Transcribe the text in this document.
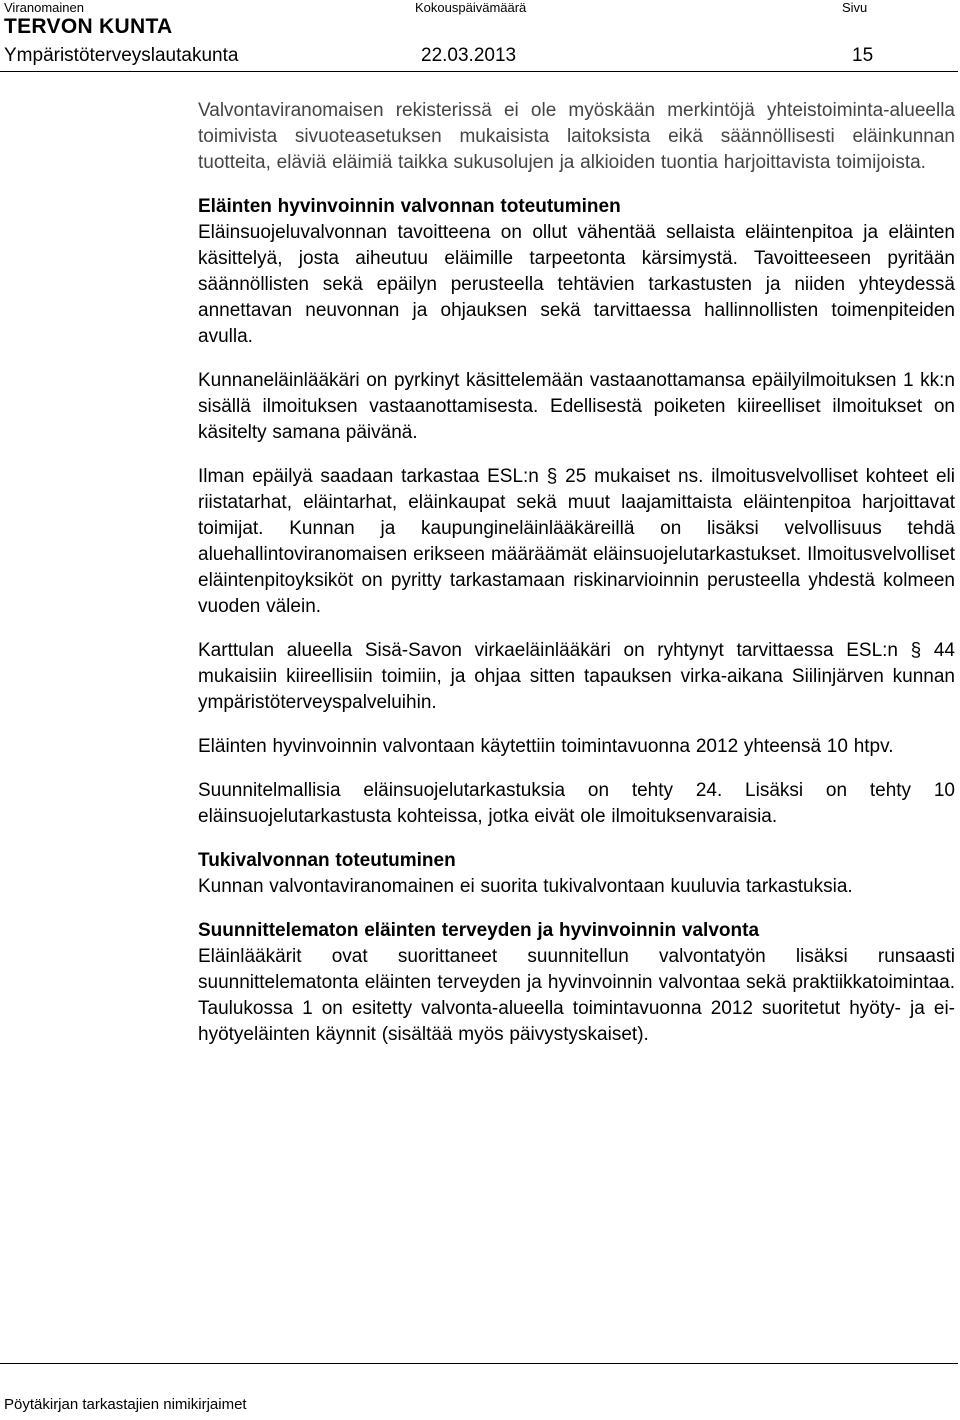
Viranomainen	Kokouspäivämäärä	Sivu
TERVON KUNTA
Ympäristöterveyslautakunta	22.03.2013	15

Valvontaviranomaisen rekisterissä ei ole myöskään merkintöjä yhteistoiminta-alueella toimivista sivuoteasetuksen mukaisista laitoksista eikä säännöllisesti eläinkunnan tuotteita, eläviä eläimiä taikka sukusolujen ja alkioiden tuontia harjoittavista toimijoista.

Eläinten hyvinvoinnin valvonnan toteutuminen

Eläinsuojeluvalvonnan tavoitteena on ollut vähentää sellaista eläintenpitoa ja eläinten käsittelyä, josta aiheutuu eläimille tarpeetonta kärsimystä. Tavoitteeseen pyritään säännöllisten sekä epäilyn perusteella tehtävien tarkastusten ja niiden yhteydessä annettavan neuvonnan ja ohjauksen sekä tarvittaessa hallinnollisten toimenpiteiden avulla.

Kunnaneläinlääkäri on pyrkinyt käsittelemään vastaanottamansa epäilyilmoituksen 1 kk:n sisällä ilmoituksen vastaanottamisesta. Edellisestä poiketen kiireelliset ilmoitukset on käsitelty samana päivänä.

Ilman epäilyä saadaan tarkastaa ESL:n § 25 mukaiset ns. ilmoitusvelvolliset kohteet eli riistatarhat, eläintarhat, eläinkaupat sekä muut laajamittaista eläintenpitoa harjoittavat toimijat. Kunnan ja kaupungineläinlääkäreillä on lisäksi velvollisuus tehdä aluehallintoviranomaisen erikseen määräämät eläinsuojelutarkastukset. Ilmoitusvelvolliset eläintenpitoyksiköt on pyritty tarkastamaan riskinarvioinnin perusteella yhdestä kolmeen vuoden välein.

Karttulan alueella Sisä-Savon virkaeläinlääkäri on ryhtynyt tarvittaessa ESL:n § 44 mukaisiin kiireellisiin toimiin, ja ohjaa sitten tapauksen virka-aikana Siilinjärven kunnan ympäristöterveyspalveluihin.

Eläinten hyvinvoinnin valvontaan käytettiin toimintavuonna 2012 yhteensä 10 htpv.

Suunnitelmallisia eläinsuojelutarkastuksia on tehty 24. Lisäksi on tehty 10 eläinsuojelutarkastusta kohteissa, jotka eivät ole ilmoituksenvaraisia.

Tukivalvonnan toteutuminen

Kunnan valvontaviranomainen ei suorita tukivalvontaan kuuluvia tarkastuksia.

Suunnittelematon eläinten terveyden ja hyvinvoinnin valvonta

Eläinlääkärit ovat suorittaneet suunnitellun valvontatyön lisäksi runsaasti suunnittelematonta eläinten terveyden ja hyvinvoinnin valvontaa sekä praktiikkatoimintaa. Taulukossa 1 on esitetty valvonta-alueella toimintavuonna 2012 suoritetut hyöty- ja ei-hyötyeläinten käynnit (sisältää myös päivystyskaiset).

Pöytäkirjan tarkastajien nimikirjaimet
